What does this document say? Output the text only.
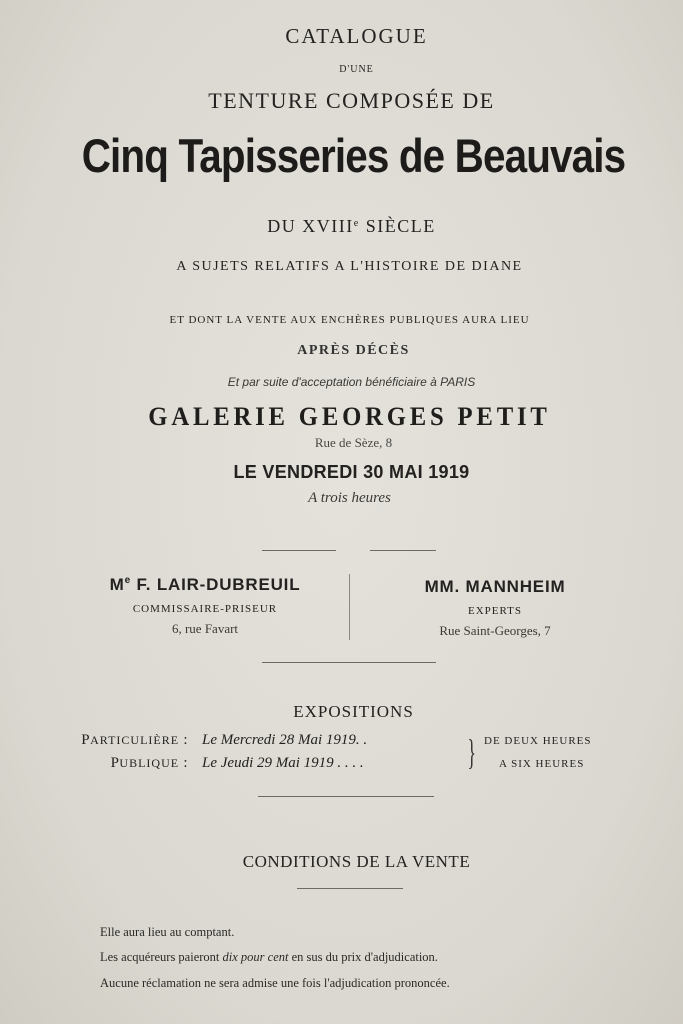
CATALOGUE
D'UNE
TENTURE COMPOSÉE DE
Cinq Tapisseries de Beauvais
DU XVIIIe SIÈCLE
A SUJETS RELATIFS A L'HISTOIRE DE DIANE
ET DONT LA VENTE AUX ENCHÈRES PUBLIQUES AURA LIEU
APRÈS DÉCÈS
Et par suite d'acceptation bénéficiaire à PARIS
GALERIE GEORGES PETIT
Rue de Sèze, 8
LE VENDREDI 30 MAI 1919
A trois heures
Me F. LAIR-DUBREUIL
COMMISSAIRE-PRISEUR
6, rue Favart
MM. MANNHEIM
EXPERTS
Rue Saint-Georges, 7
EXPOSITIONS
PARTICULIÈRE : Le Mercredi 28 Mai 1919. .	DE DEUX HEURES
PUBLIQUE : Le Jeudi 29 Mai 1919 . . . .	A SIX HEURES
}
CONDITIONS DE LA VENTE
Elle aura lieu au comptant.
Les acquéreurs paieront dix pour cent en sus du prix d'adjudication.
Aucune réclamation ne sera admise une fois l'adjudication prononcée.
